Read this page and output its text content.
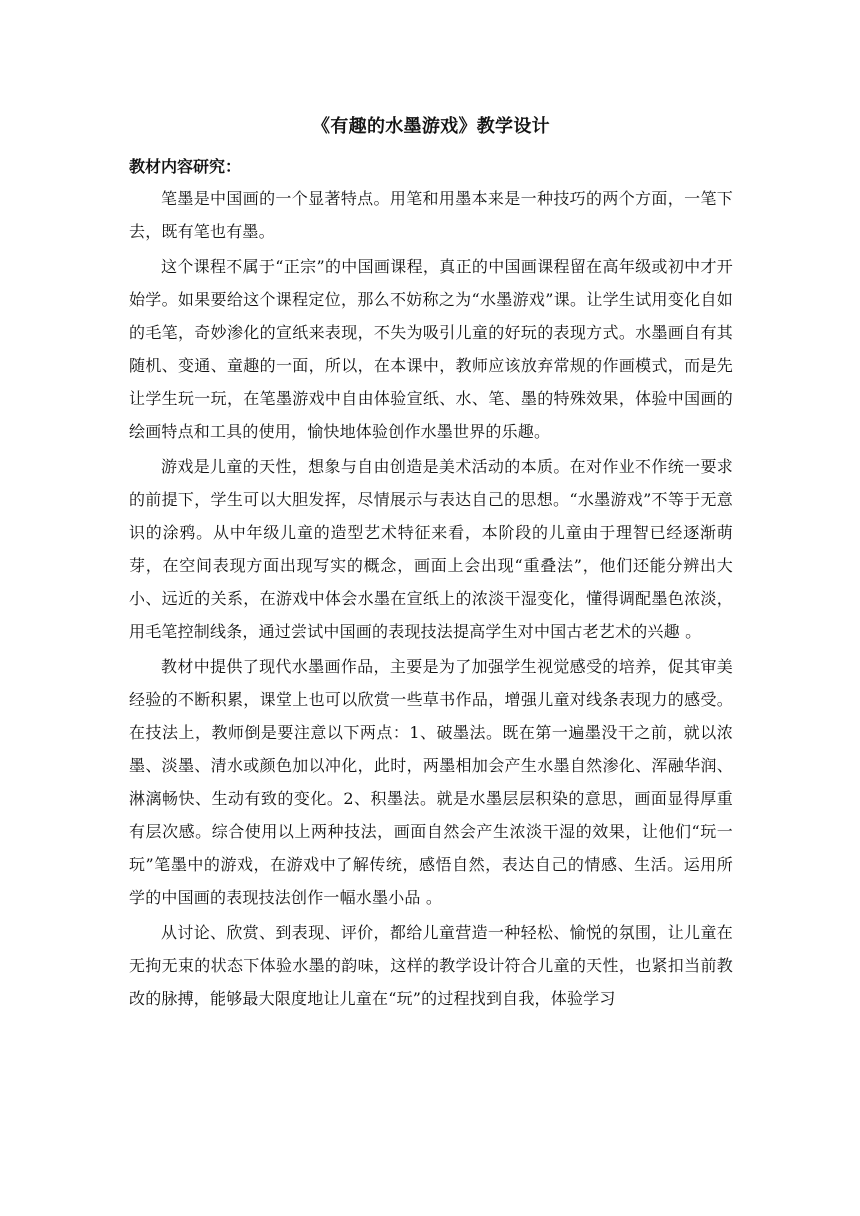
《有趣的水墨游戏》教学设计
教材内容研究：

笔墨是中国画的一个显著特点。用笔和用墨本来是一种技巧的两个方面，一笔下去，既有笔也有墨。

这个课程不属于“正宗”的中国画课程，真正的中国画课程留在高年级或初中才开始学。如果要给这个课程定位，那么不妨称之为“水墨游戏”课。让学生试用变化自如的毛笔，奇妙渗化的宣纸来表现，不失为吸引儿童的好玩的表现方式。水墨画自有其随机、变通、童趣的一面，所以，在本课中，教师应该放弃常规的作画模式，而是先让学生玩一玩，在笔墨游戏中自由体验宣纸、水、笔、墨的特殊效果，体验中国画的绘画特点和工具的使用，愉快地体验创作水墨世界的乐趣。

游戏是儿童的天性，想象与自由创造是美术活动的本质。在对作业不作统一要求的前提下，学生可以大胆发挥，尽情展示与表达自己的思想。“水墨游戏”不等于无意识的涂鸦。从中年级儿童的造型艺术特征来看，本阶段的儿童由于理智已经逐渐萌芽，在空间表现方面出现写实的概念，画面上会出现“重叠法”，他们还能分辨出大小、远近的关系，在游戏中体会水墨在宣纸上的浓淡干湿变化，懂得调配墨色浓淡，用毛笔控制线条，通过尝试中国画的表现技法提高学生对中国古老艺术的兴趣 。

教材中提供了现代水墨画作品，主要是为了加强学生视觉感受的培养，促其审美经验的不断积累，课堂上也可以欣赏一些草书作品，增强儿童对线条表现力的感受。在技法上，教师倒是要注意以下两点：1、破墨法。既在第一遍墨没干之前，就以浓墨、淡墨、清水或颜色加以冲化，此时，两墨相加会产生水墨自然渗化、浑融华润、淋漓畅快、生动有致的变化。2、积墨法。就是水墨层层积染的意思，画面显得厚重有层次感。综合使用以上两种技法，画面自然会产生浓淡干湿的效果，让他们“玩一玩”笔墨中的游戏，在游戏中了解传统，感悟自然，表达自己的情感、生活。运用所学的中国画的表现技法创作一幅水墨小品 。

从讨论、欣赏、到表现、评价，都给儿童营造一种轻松、愉悦的氛围，让儿童在无拘无束的状态下体验水墨的韵味，这样的教学设计符合儿童的天性，也紧扣当前教改的脉搏，能够最大限度地让儿童在“玩”的过程找到自我，体验学习
